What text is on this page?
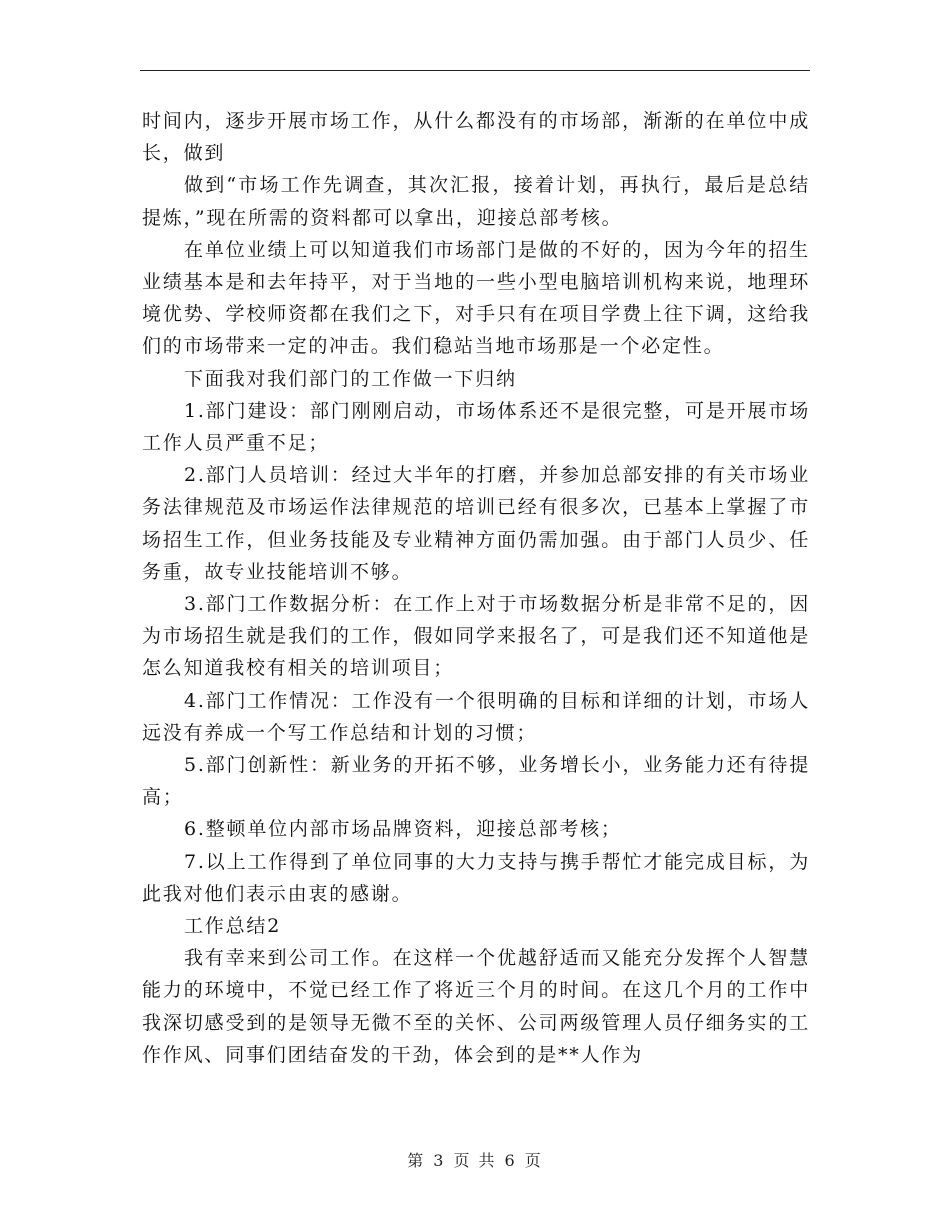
时间内，逐步开展市场工作，从什么都没有的市场部，渐渐的在单位中成长，做到

做到“市场工作先调查，其次汇报，接着计划，再执行，最后是总结提炼，”现在所需的资料都可以拿出，迎接总部考核。

在单位业绩上可以知道我们市场部门是做的不好的，因为今年的招生业绩基本是和去年持平，对于当地的一些小型电脑培训机构来说，地理环境优势、学校师资都在我们之下，对手只有在项目学费上往下调，这给我们的市场带来一定的冲击。我们稳站当地市场那是一个必定性。

下面我对我们部门的工作做一下归纳

1.部门建设：部门刚刚启动，市场体系还不是很完整，可是开展市场工作人员严重不足；

2.部门人员培训：经过大半年的打磨，并参加总部安排的有关市场业务法律规范及市场运作法律规范的培训已经有很多次，已基本上掌握了市场招生工作，但业务技能及专业精神方面仍需加强。由于部门人员少、任务重，故专业技能培训不够。

3.部门工作数据分析：在工作上对于市场数据分析是非常不足的，因为市场招生就是我们的工作，假如同学来报名了，可是我们还不知道他是怎么知道我校有相关的培训项目；

4.部门工作情况：工作没有一个很明确的目标和详细的计划，市场人远没有养成一个写工作总结和计划的习惯；

5.部门创新性：新业务的开拓不够，业务增长小，业务能力还有待提高；

6.整顿单位内部市场品牌资料，迎接总部考核；

7.以上工作得到了单位同事的大力支持与携手帮忙才能完成目标，为此我对他们表示由衷的感谢。

工作总结2

我有幸来到公司工作。在这样一个优越舒适而又能充分发挥个人智慧能力的环境中，不觉已经工作了将近三个月的时间。在这几个月的工作中我深切感受到的是领导无微不至的关怀、公司两级管理人员仔细务实的工作作风、同事们团结奋发的干劲，体会到的是**人作为

第 3 页 共 6 页
